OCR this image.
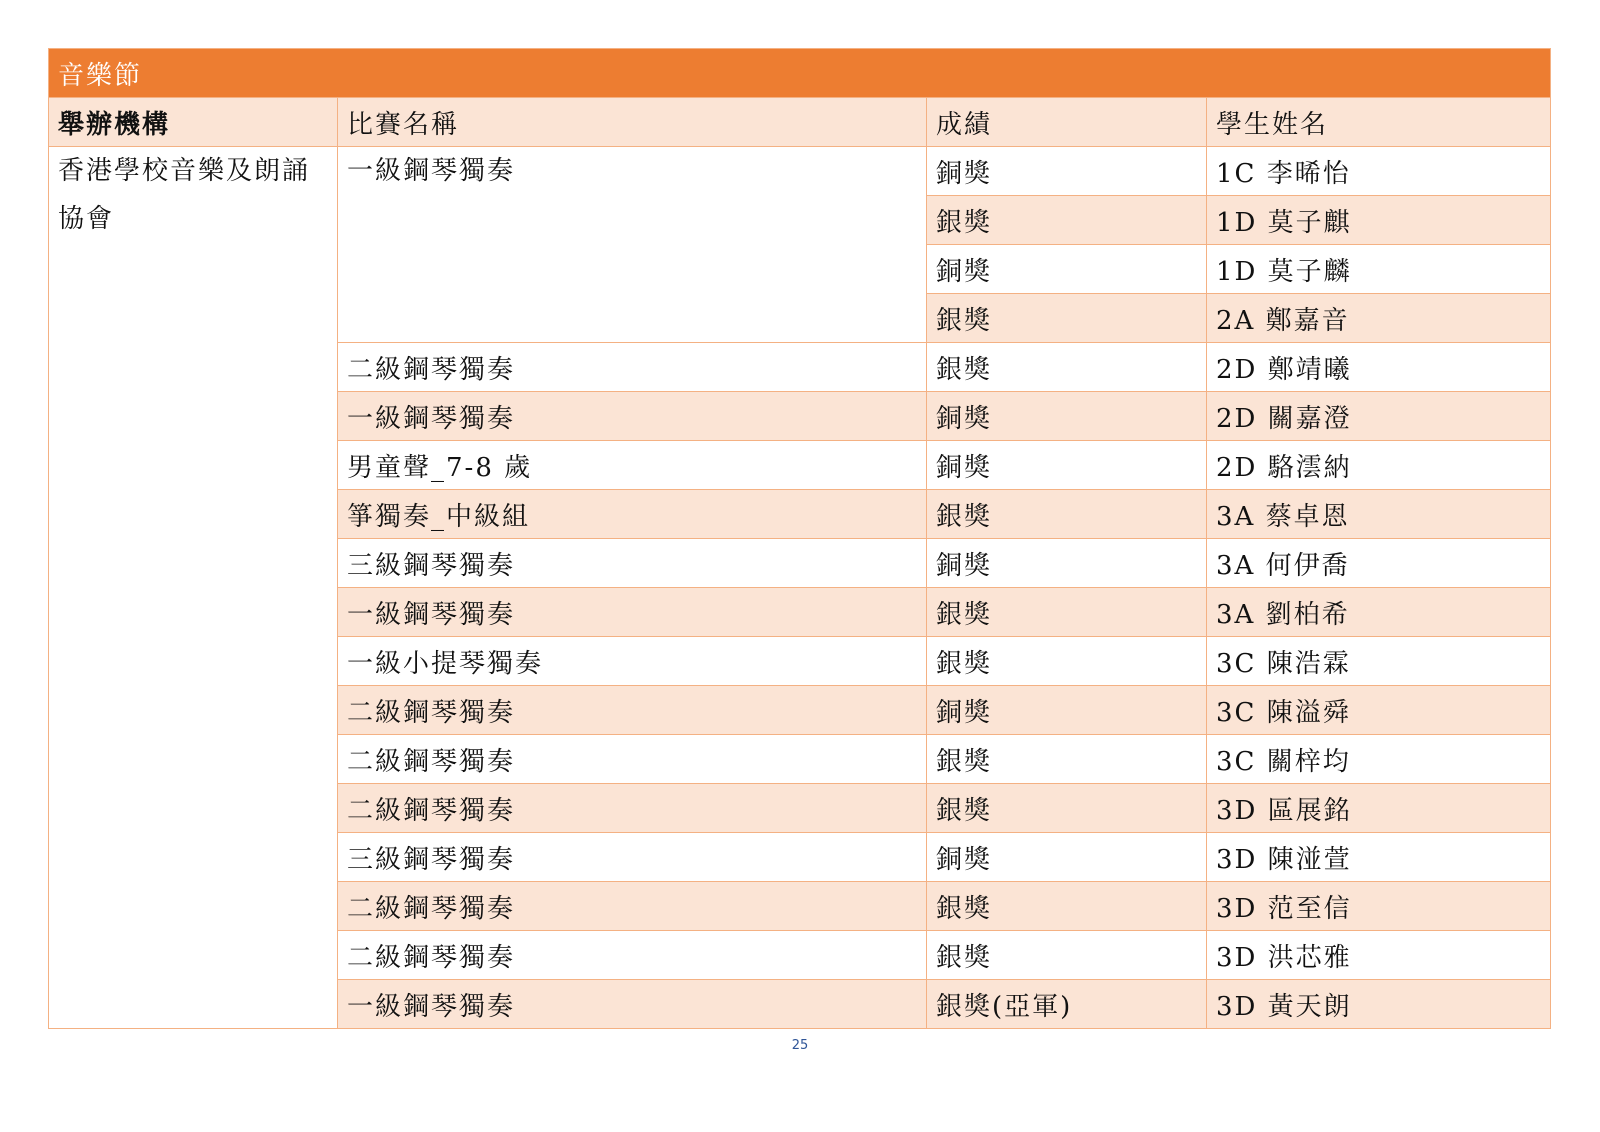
音樂節			
舉辦機構	比賽名稱	成績	學生姓名
香港學校音樂及朗誦協會	一級鋼琴獨奏	銅獎	1C 李晞怡
		銀獎	1D 莫子麒
		銅獎	1D 莫子麟
		銀獎	2A 鄭嘉音
	二級鋼琴獨奏	銀獎	2D 鄭靖曦
	一級鋼琴獨奏	銅獎	2D 關嘉澄
	男童聲_7-8 歲	銅獎	2D 駱澐納
	箏獨奏_中級組	銀獎	3A 蔡卓恩
	三級鋼琴獨奏	銅獎	3A 何伊喬
	一級鋼琴獨奏	銀獎	3A 劉柏希
	一級小提琴獨奏	銀獎	3C 陳浩霖
	二級鋼琴獨奏	銅獎	3C 陳溢舜
	二級鋼琴獨奏	銀獎	3C 關梓均
	二級鋼琴獨奏	銀獎	3D 區展銘
	三級鋼琴獨奏	銅獎	3D 陳湴萱
	二級鋼琴獨奏	銀獎	3D 范至信
	二級鋼琴獨奏	銀獎	3D 洪芯雅
	一級鋼琴獨奏	銀獎(亞軍)	3D 黃天朗
25
